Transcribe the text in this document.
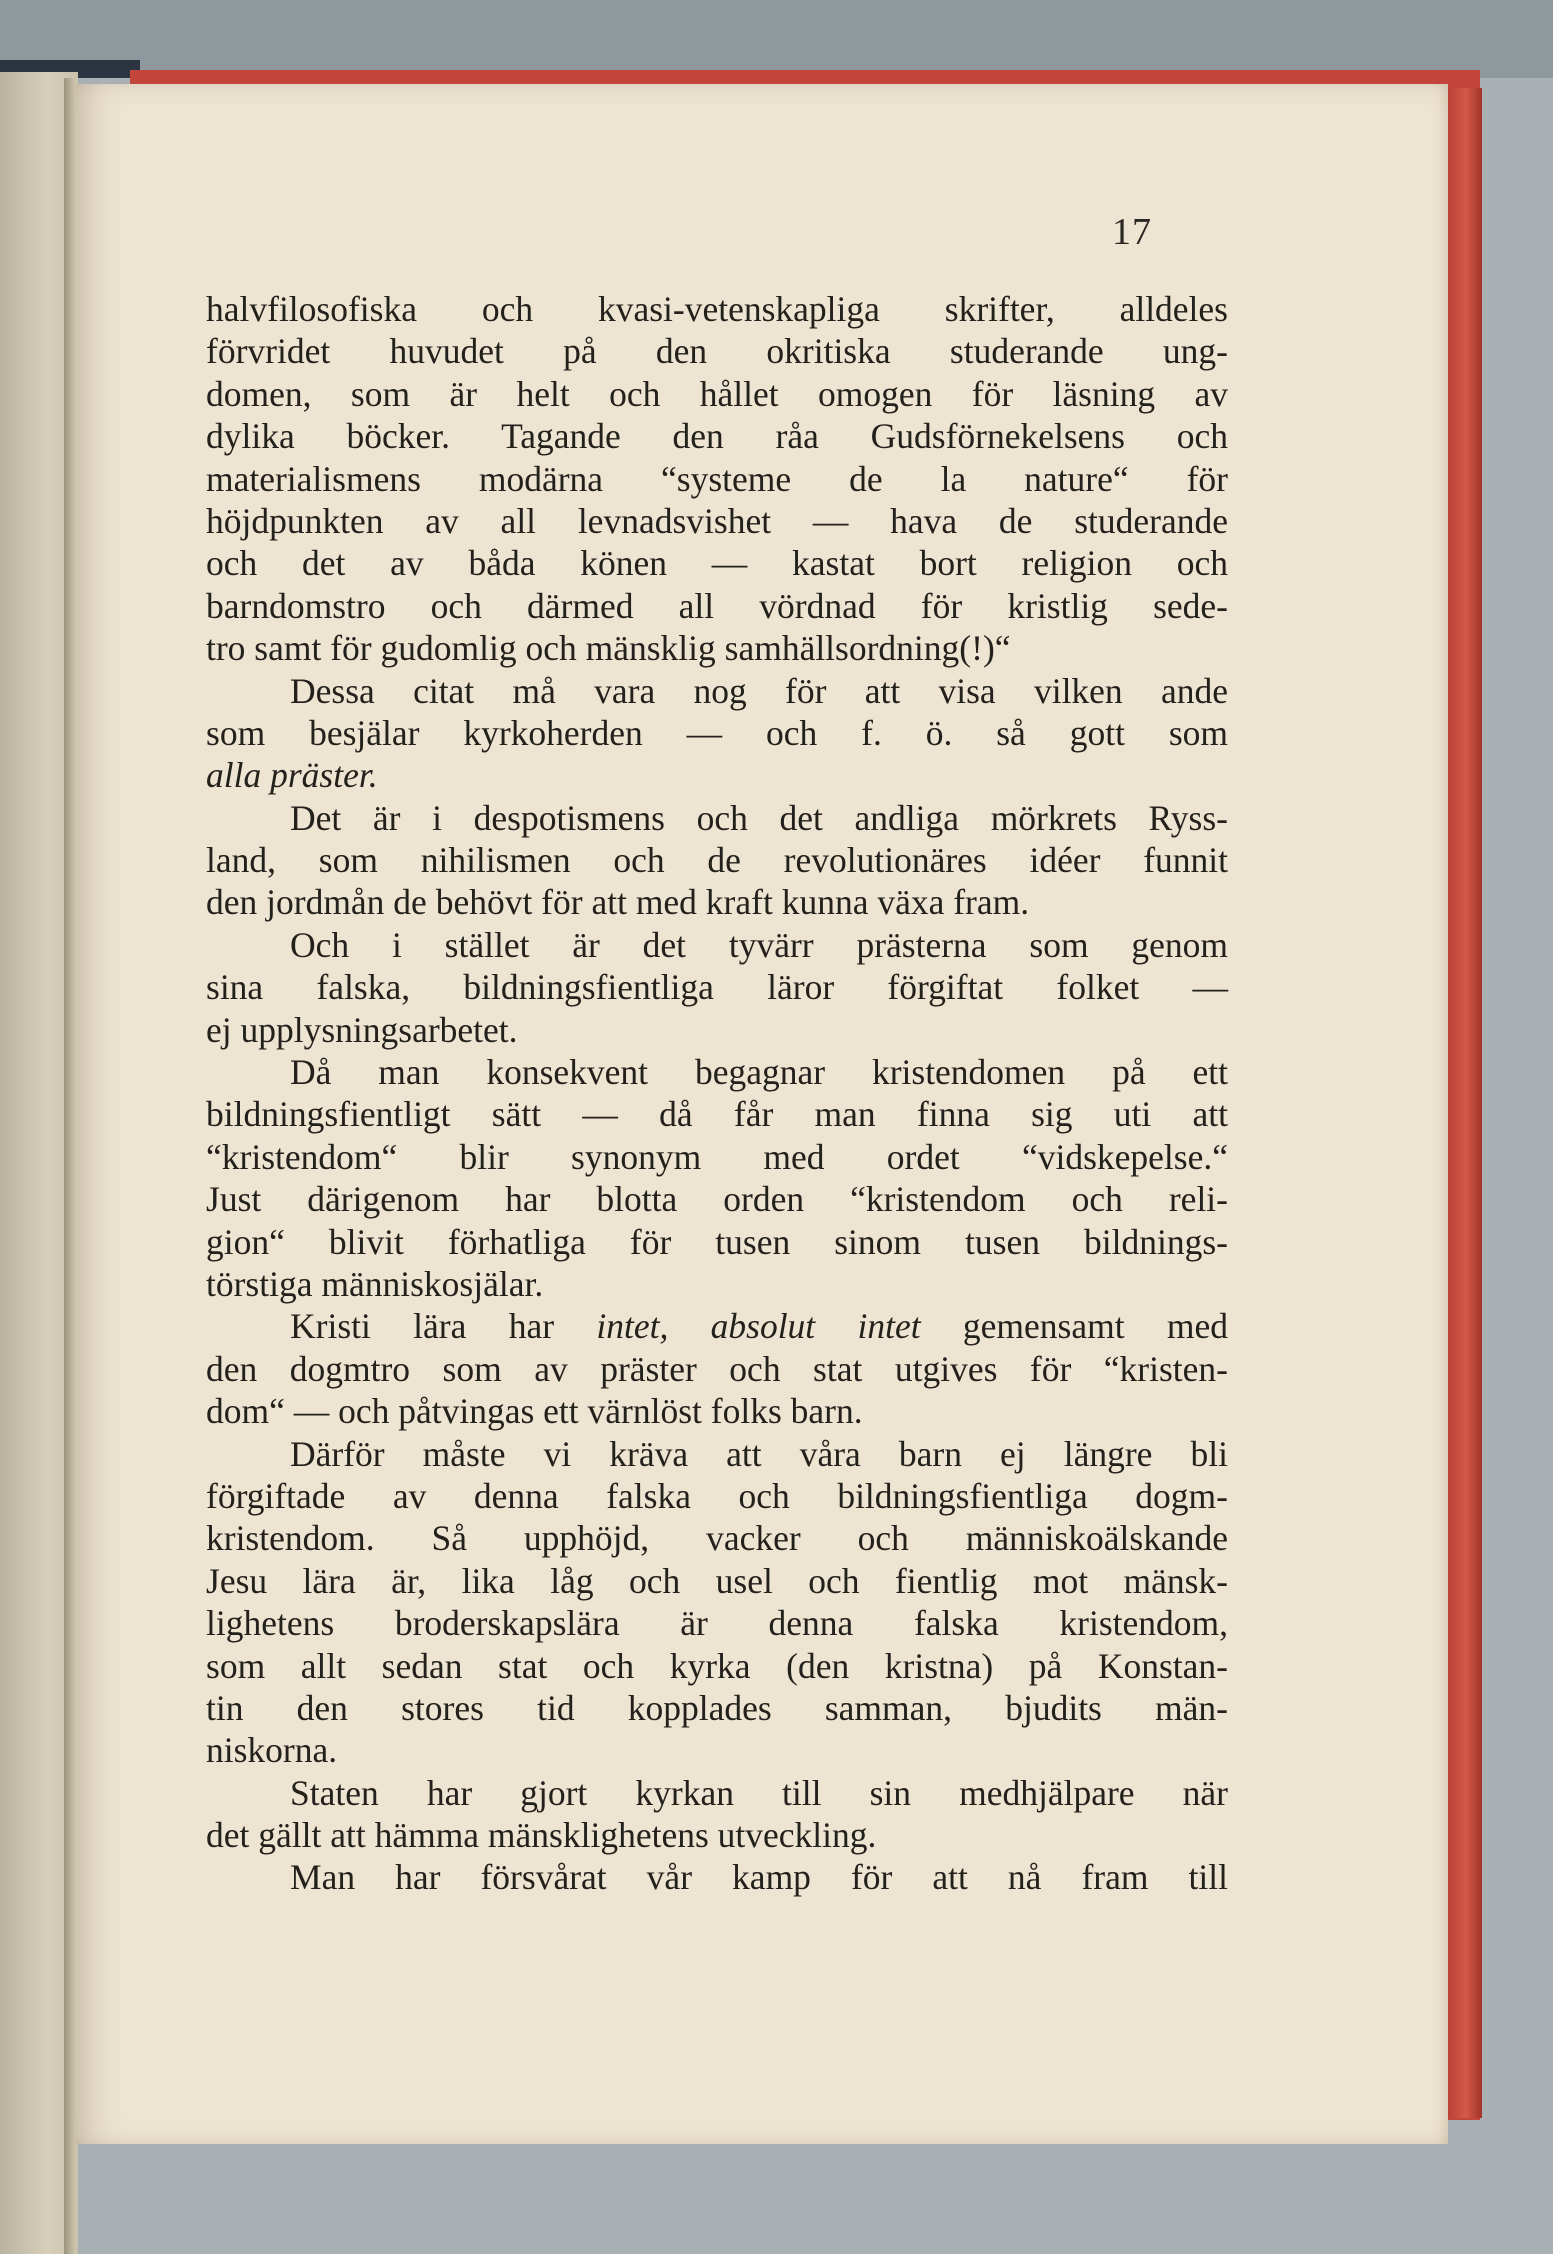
17
halvfilosofiska och kvasi-vetenskapliga skrifter, alldeles
förvridet huvudet på den okritiska studerande ung-
domen, som är helt och hållet omogen för läsning av
dylika böcker. Tagande den råa Gudsförnekelsens och
materialismens modärna “systeme de la nature“ för
höjdpunkten av all levnadsvishet — hava de studerande
och det av båda könen — kastat bort religion och
barndomstro och därmed all vördnad för kristlig sede-
tro samt för gudomlig och mänsklig samhällsordning(!)“
Dessa citat må vara nog för att visa vilken ande
som besjälar kyrkoherden — och f. ö. så gott som
alla präster.
Det är i despotismens och det andliga mörkrets Ryss-
land, som nihilismen och de revolutionäres idéer funnit
den jordmån de behövt för att med kraft kunna växa fram.
Och i stället är det tyvärr prästerna som genom
sina falska, bildningsfientliga läror förgiftat folket —
ej upplysningsarbetet.
Då man konsekvent begagnar kristendomen på ett
bildningsfientligt sätt — då får man finna sig uti att
“kristendom“ blir synonym med ordet “vidskepelse.“
Just därigenom har blotta orden “kristendom och reli-
gion“ blivit förhatliga för tusen sinom tusen bildnings-
törstiga människosjälar.
Kristi lära har intet, absolut intet gemensamt med
den dogmtro som av präster och stat utgives för “kristen-
dom“ — och påtvingas ett värnlöst folks barn.
Därför måste vi kräva att våra barn ej längre bli
förgiftade av denna falska och bildningsfientliga dogm-
kristendom. Så upphöjd, vacker och människoälskande
Jesu lära är, lika låg och usel och fientlig mot mänsk-
lighetens broderskapslära är denna falska kristendom,
som allt sedan stat och kyrka (den kristna) på Konstan-
tin den stores tid kopplades samman, bjudits män-
niskorna.
Staten har gjort kyrkan till sin medhjälpare när
det gällt att hämma mänsklighetens utveckling.
Man har försvårat vår kamp för att nå fram till
